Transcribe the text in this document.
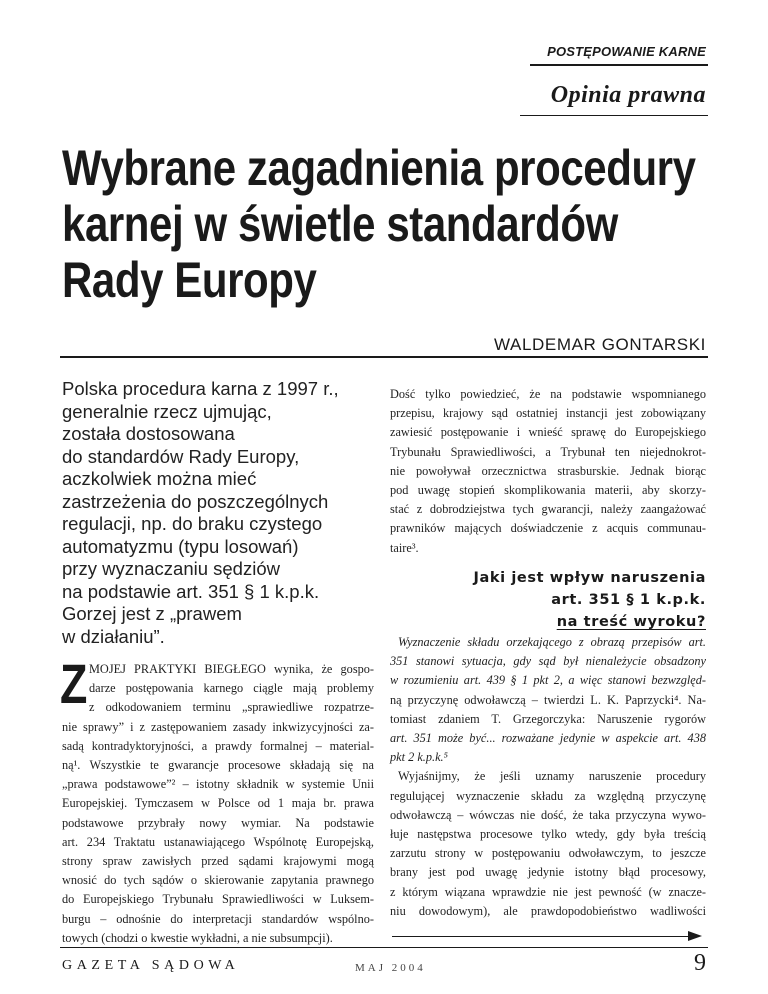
POSTĘPOWANIE KARNE
Opinia prawna
Wybrane zagadnienia procedury
karnej w świetle standardów
Rady Europy
WALDEMAR GONTARSKI
Polska procedura karna z 1997 r.,
generalnie rzecz ujmując,
została dostosowana
do standardów Rady Europy,
aczkolwiek można mieć
zastrzeżenia do poszczególnych
regulacji, np. do braku czystego
automatyzmu (typu losowań)
przy wyznaczaniu sędziów
na podstawie art. 351 § 1 k.p.k.
Gorzej jest z „prawem
w działaniu”.
Z MOJEJ PRAKTYKI BIEGŁEGO wynika, że gospo-
darze postępowania karnego ciągle mają problemy
z odkodowaniem terminu „sprawiedliwe rozpatrze-
nie sprawy” i z zastępowaniem zasady inkwizycyjności za-
sadą kontradyktoryjności, a prawdy formalnej – material-
ną¹. Wszystkie te gwarancje procesowe składają się na
„prawa podstawowe”² – istotny składnik w systemie Unii
Europejskiej. Tymczasem w Polsce od 1 maja br. prawa
podstawowe przybrały nowy wymiar. Na podstawie
art. 234 Traktatu ustanawiającego Wspólnotę Europejską,
strony spraw zawisłych przed sądami krajowymi mogą
wnosić do tych sądów o skierowanie zapytania prawnego
do Europejskiego Trybunału Sprawiedliwości w Luksem-
burgu – odnośnie do interpretacji standardów wspólno-
towych (chodzi o kwestie wykładni, a nie subsumpcji).
Dość tylko powiedzieć, że na podstawie wspomnianego
przepisu, krajowy sąd ostatniej instancji jest zobowiązany
zawiesić postępowanie i wnieść sprawę do Europejskiego
Trybunału Sprawiedliwości, a Trybunał ten niejednokrot-
nie powoływał orzecznictwa strasburskie. Jednak biorąc
pod uwagę stopień skomplikowania materii, aby skorzy-
stać z dobrodziejstwa tych gwarancji, należy zaangażować
prawników mających doświadczenie z acquis communau-
taire³.
Jaki jest wpływ naruszenia
art. 351 § 1 k.p.k.
na treść wyroku?
Wyznaczenie składu orzekającego z obrazą przepisów art.
351 stanowi sytuacja, gdy sąd był nienależycie obsadzony
w rozumieniu art. 439 § 1 pkt 2, a więc stanowi bezwzględ-
ną przyczynę odwoławczą – twierdzi L. K. Paprzycki⁴. Na-
tomiast zdaniem T. Grzegorczyka: Naruszenie rygorów
art. 351 może być... rozważane jedynie w aspekcie art. 438
pkt 2 k.p.k.⁵
Wyjaśnijmy, że jeśli uznamy naruszenie procedury
regulującej wyznaczenie składu za względną przyczynę
odwoławczą – wówczas nie dość, że taka przyczyna wywo-
łuje następstwa procesowe tylko wtedy, gdy była treścią
zarzutu strony w postępowaniu odwoławczym, to jeszcze
brany jest pod uwagę jedynie istotny błąd procesowy,
z którym wiązana wprawdzie nie jest pewność (w znacze-
niu dowodowym), ale prawdopodobieństwo wadliwości
GAZETA SĄDOWA	MAJ 2004	9
